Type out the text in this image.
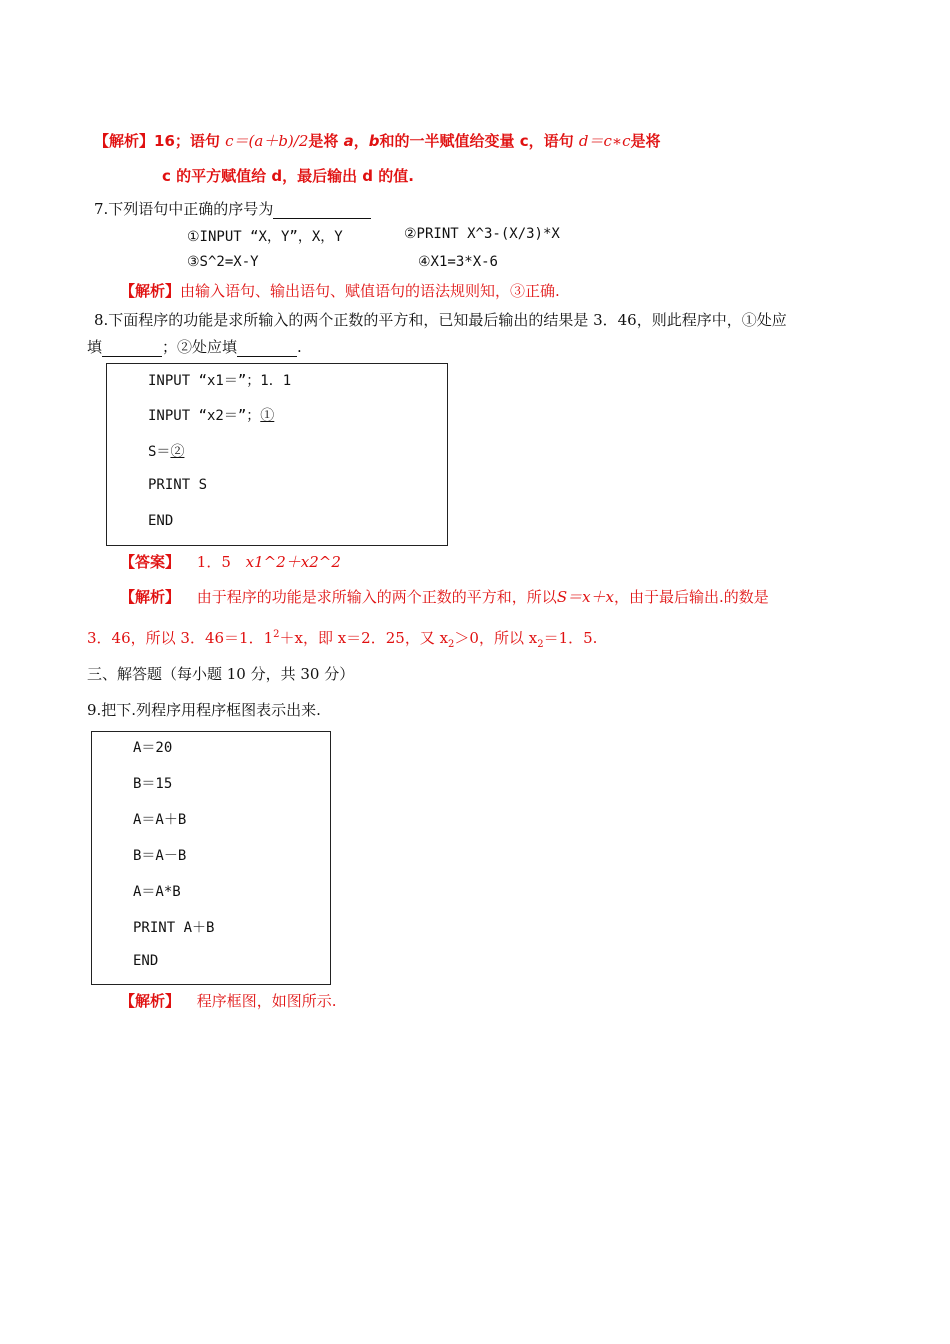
【解析】16；语句 c＝(a＋b)/2是将 a，b和的一半赋值给变量 c，语句 d＝c∗c是将
c 的平方赋值给 d，最后输出 d 的值.
7.下列语句中正确的序号为
①INPUT “X，Y”，X，Y	②PRINT X^3-(X/3)*X
③S^2=X-Y	④X1=3*X-6
【解析】由输入语句、输出语句、赋值语句的语法规则知，③正确.
8.下面程序的功能是求所输入的两个正数的平方和，已知最后输出的结果是 3．46，则此程序中，①处应
填	；②处应填	.
INPUT “x1＝”；1．1
INPUT “x2＝”；①
S＝②
PRINT S
END
【答案】 1．5 x1^2＋x2^2
【解析】 由于程序的功能是求所输入的两个正数的平方和，所以S＝x＋x，由于最后输出.的数是
3．46，所以 3．46＝1．$1^2+x$，即 x＝2．25，又 $x_2>0$，所以 $x_2=1$．5.
三、解答题（每小题 10 分，共 30 分）
9.把下.列程序用程序框图表示出来.
A＝20
B＝15
A＝A＋B
B＝A－B
A＝A*B
PRINT A＋B
END
【解析】 程序框图，如图所示.
